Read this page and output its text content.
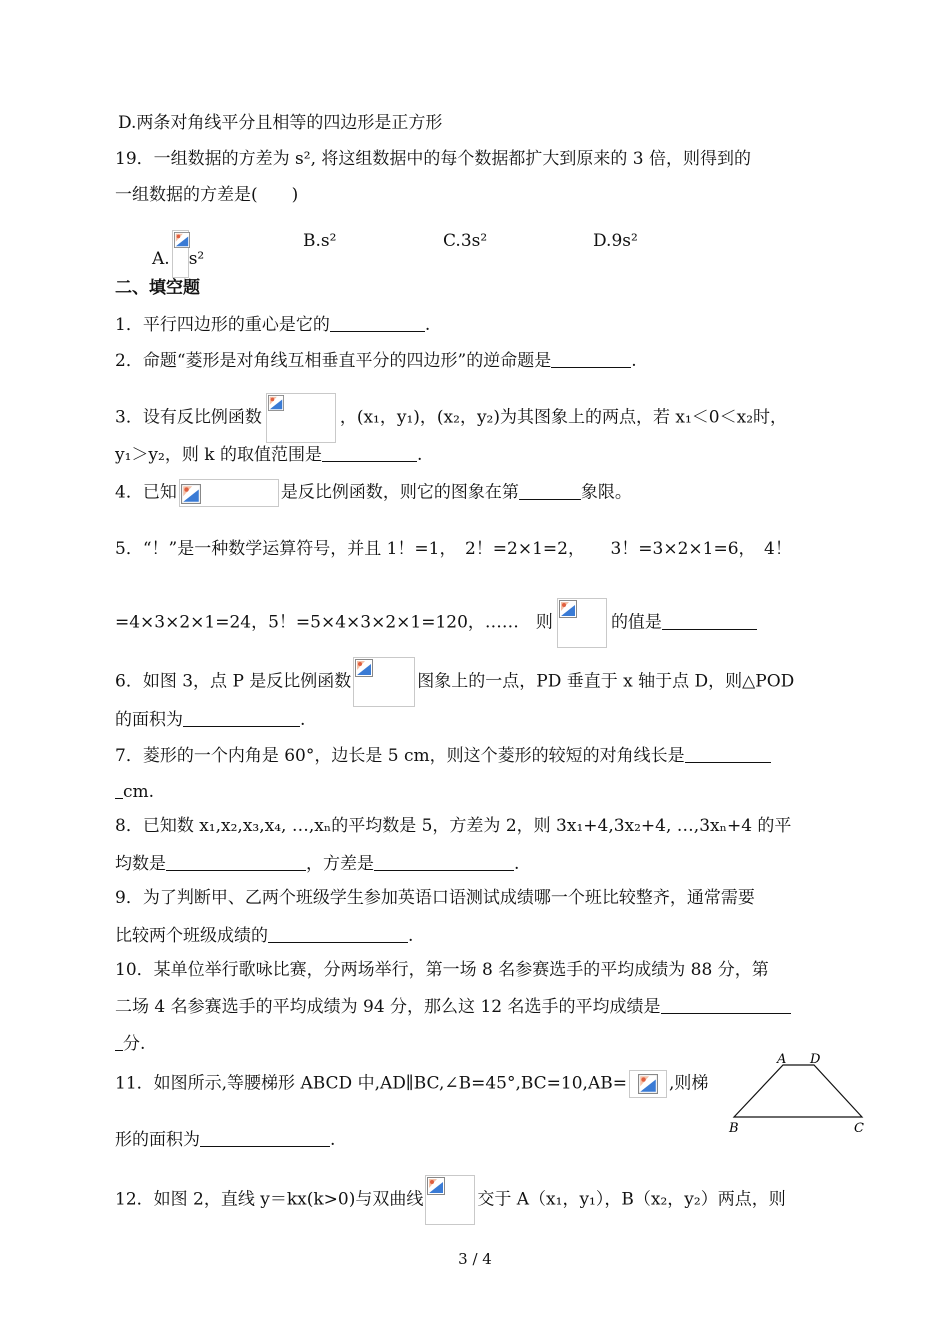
D.两条对角线平分且相等的四边形是正方形
19．一组数据的方差为 s², 将这组数据中的每个数据都扩大到原来的 3 倍，则得到的
一组数据的方差是(　　)
A. s²
B.s²	C.3s²	D.9s²
二、填空题
1．平行四边形的重心是它的	.
2．命题“菱形是对角线互相垂直平分的四边形”的逆命题是	.
3．设有反比例函数	，(x₁，y₁)，(x₂，y₂)为其图象上的两点，若 x₁＜0＜x₂时，
y₁＞y₂，则 k 的取值范围是	.
4．已知	是反比例函数，则它的图象在第	象限。
5．“！”是一种数学运算符号，并且 1！=1，　2！=2×1=2，　　3！=3×2×1=6，　4！
=4×3×2×1=24，5！=5×4×3×2×1=120，……　则	的值是
6．如图 3，点 P 是反比例函数	图象上的一点，PD 垂直于 x 轴于点 D，则△POD
的面积为	.
7．菱形的一个内角是 60°，边长是 5 cm，则这个菱形的较短的对角线长是
cm.
8．已知数 x₁,x₂,x₃,x₄, …,xₙ的平均数是 5，方差为 2，则 3x₁+4,3x₂+4, …,3xₙ+4 的平
均数是	，方差是	.
9．为了判断甲、乙两个班级学生参加英语口语测试成绩哪一个班比较整齐，通常需要
比较两个班级成绩的	.
10．某单位举行歌咏比赛，分两场举行，第一场 8 名参赛选手的平均成绩为 88 分，第
二场 4 名参赛选手的平均成绩为 94 分，那么这 12 名选手的平均成绩是
分.
11．如图所示,等腰梯形 ABCD 中,AD∥BC,∠B=45°,BC=10,AB= ,则梯
形的面积为	.
A D
B	C
12．如图 2，直线 y＝kx(k>0)与双曲线	交于 A（x₁，y₁），B（x₂，y₂）两点，则
3 / 4
